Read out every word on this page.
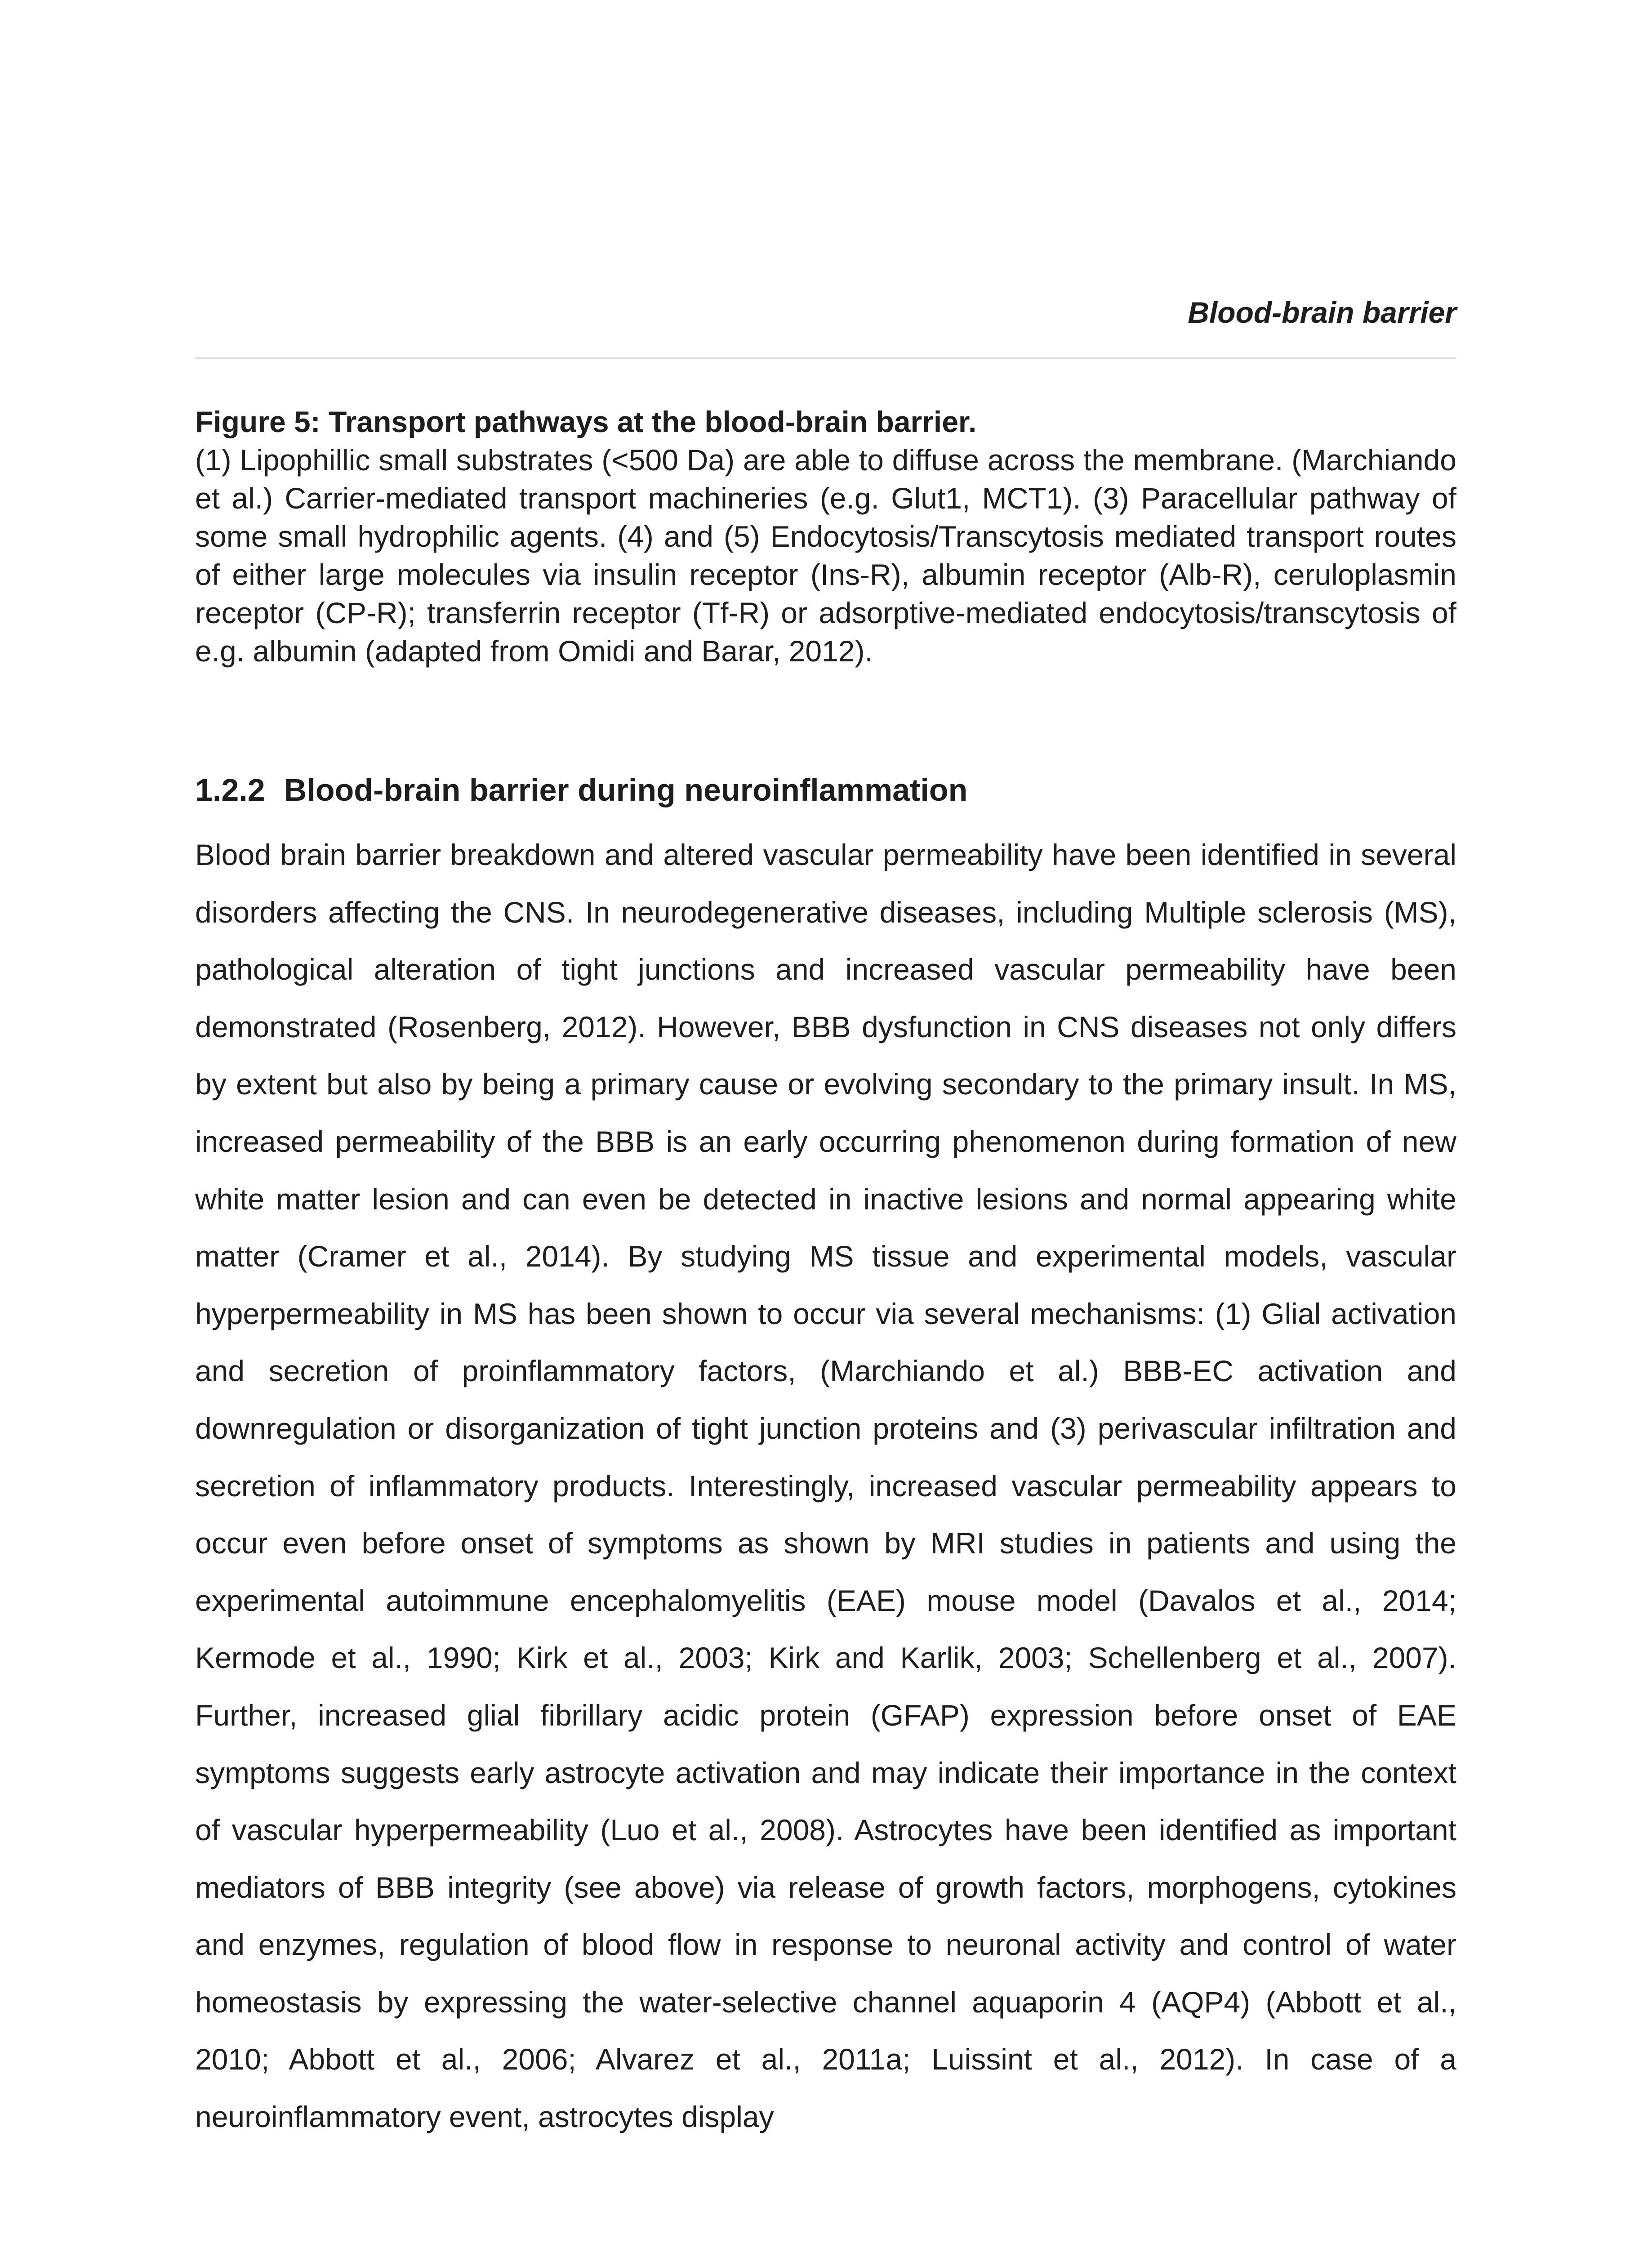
Blood-brain barrier
Figure 5: Transport pathways at the blood-brain barrier.
(1) Lipophillic small substrates (<500 Da) are able to diffuse across the membrane. (Marchiando et al.) Carrier-mediated transport machineries (e.g. Glut1, MCT1). (3) Paracellular pathway of some small hydrophilic agents. (4) and (5) Endocytosis/Transcytosis mediated transport routes of either large molecules via insulin receptor (Ins-R), albumin receptor (Alb-R), ceruloplasmin receptor (CP-R); transferrin receptor (Tf-R) or adsorptive-mediated endocytosis/transcytosis of e.g. albumin (adapted from Omidi and Barar, 2012).
1.2.2 Blood-brain barrier during neuroinflammation
Blood brain barrier breakdown and altered vascular permeability have been identified in several disorders affecting the CNS. In neurodegenerative diseases, including Multiple sclerosis (MS), pathological alteration of tight junctions and increased vascular permeability have been demonstrated (Rosenberg, 2012). However, BBB dysfunction in CNS diseases not only differs by extent but also by being a primary cause or evolving secondary to the primary insult. In MS, increased permeability of the BBB is an early occurring phenomenon during formation of new white matter lesion and can even be detected in inactive lesions and normal appearing white matter (Cramer et al., 2014). By studying MS tissue and experimental models, vascular hyperpermeability in MS has been shown to occur via several mechanisms: (1) Glial activation and secretion of proinflammatory factors, (Marchiando et al.) BBB-EC activation and downregulation or disorganization of tight junction proteins and (3) perivascular infiltration and secretion of inflammatory products. Interestingly, increased vascular permeability appears to occur even before onset of symptoms as shown by MRI studies in patients and using the experimental autoimmune encephalomyelitis (EAE) mouse model (Davalos et al., 2014; Kermode et al., 1990; Kirk et al., 2003; Kirk and Karlik, 2003; Schellenberg et al., 2007). Further, increased glial fibrillary acidic protein (GFAP) expression before onset of EAE symptoms suggests early astrocyte activation and may indicate their importance in the context of vascular hyperpermeability (Luo et al., 2008). Astrocytes have been identified as important mediators of BBB integrity (see above) via release of growth factors, morphogens, cytokines and enzymes, regulation of blood flow in response to neuronal activity and control of water homeostasis by expressing the water-selective channel aquaporin 4 (AQP4) (Abbott et al., 2010; Abbott et al., 2006; Alvarez et al., 2011a; Luissint et al., 2012). In case of a neuroinflammatory event, astrocytes display
